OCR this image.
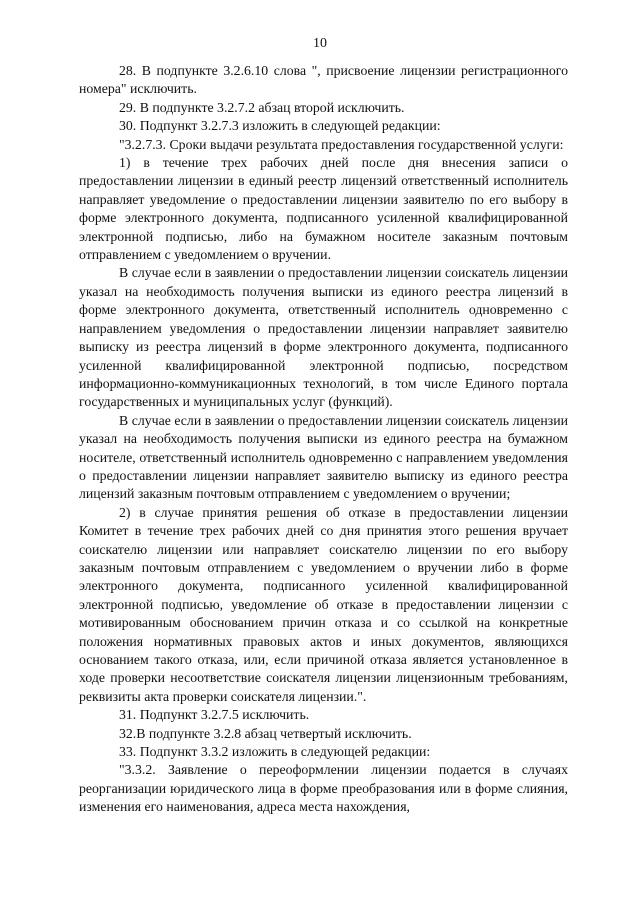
10

28. В подпункте 3.2.6.10 слова ", присвоение лицензии регистрационного номера" исключить.

29. В подпункте 3.2.7.2 абзац второй исключить.

30. Подпункт 3.2.7.3 изложить в следующей редакции:

"3.2.7.3. Сроки выдачи результата предоставления государственной услуги:

1) в течение трех рабочих дней после дня внесения записи о предоставлении лицензии в единый реестр лицензий ответственный исполнитель направляет уведомление о предоставлении лицензии заявителю по его выбору в форме электронного документа, подписанного усиленной квалифицированной электронной подписью, либо на бумажном носителе заказным почтовым отправлением с уведомлением о вручении.

В случае если в заявлении о предоставлении лицензии соискатель лицензии указал на необходимость получения выписки из единого реестра лицензий в форме электронного документа, ответственный исполнитель одновременно с направлением уведомления о предоставлении лицензии направляет заявителю выписку из реестра лицензий в форме электронного документа, подписанного усиленной квалифицированной электронной подписью, посредством информационно-коммуникационных технологий, в том числе Единого портала государственных и муниципальных услуг (функций).

В случае если в заявлении о предоставлении лицензии соискатель лицензии указал на необходимость получения выписки из единого реестра на бумажном носителе, ответственный исполнитель одновременно с направлением уведомления о предоставлении лицензии направляет заявителю выписку из единого реестра лицензий заказным почтовым отправлением с уведомлением о вручении;

2) в случае принятия решения об отказе в предоставлении лицензии Комитет в течение трех рабочих дней со дня принятия этого решения вручает соискателю лицензии или направляет соискателю лицензии по его выбору заказным почтовым отправлением с уведомлением о вручении либо в форме электронного документа, подписанного усиленной квалифицированной электронной подписью, уведомление об отказе в предоставлении лицензии с мотивированным обоснованием причин отказа и со ссылкой на конкретные положения нормативных правовых актов и иных документов, являющихся основанием такого отказа, или, если причиной отказа является установленное в ходе проверки несоответствие соискателя лицензии лицензионным требованиям, реквизиты акта проверки соискателя лицензии.".

31. Подпункт 3.2.7.5 исключить.

32.В подпункте 3.2.8 абзац четвертый исключить.

33. Подпункт 3.3.2 изложить в следующей редакции:

"3.3.2. Заявление о переоформлении лицензии подается в случаях реорганизации юридического лица в форме преобразования или в форме слияния, изменения его наименования, адреса места нахождения,
